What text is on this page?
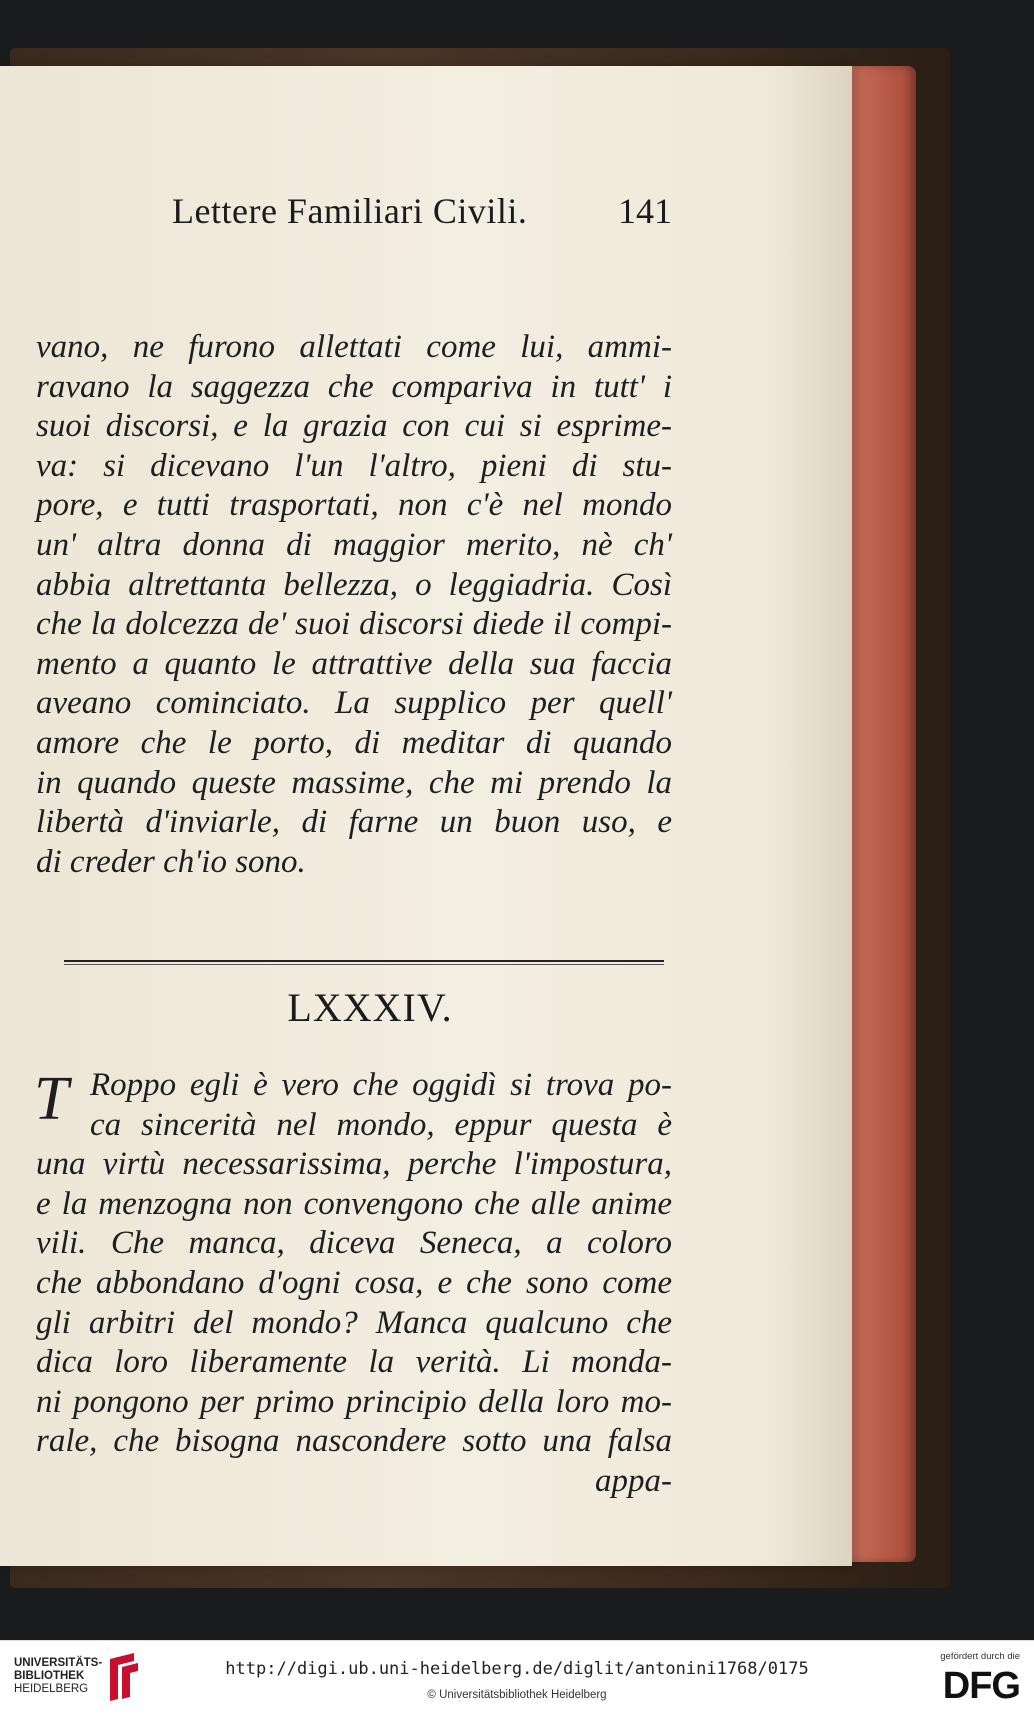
Lettere Familiari Civili.	141
vano, ne furono allettati come lui, ammi-
ravano la saggezza che compariva in tutt' i
suoi discorsi, e la grazia con cui si esprime-
va: si dicevano l'un l'altro, pieni di stu-
pore, e tutti trasportati, non c'è nel mondo
un' altra donna di maggior merito, nè ch'
abbia altrettanta bellezza, o leggiadria. Così
che la dolcezza de' suoi discorsi diede il compi-
mento a quanto le attrattive della sua faccia
aveano cominciato. La supplico per quell'
amore che le porto, di meditar di quando
in quando queste massime, che mi prendo la
libertà d'inviarle, di farne un buon uso, e
di creder ch'io sono.
LXXXIV.
T Roppo egli è vero che oggidì si trova po-
ca sincerità nel mondo, eppur questa è
una virtù necessarissima, perche l'impostura,
e la menzogna non convengono che alle anime
vili. Che manca, diceva Seneca, a coloro
che abbondano d'ogni cosa, e che sono come
gli arbitri del mondo? Manca qualcuno che
dica loro liberamente la verità. Li monda-
ni pongono per primo principio della loro mo-
rale, che bisogna nascondere sotto una falsa
appa-
UNIVERSITÄTS-
BIBLIOTHEK
HEIDELBERG
http://digi.ub.uni-heidelberg.de/diglit/antonini1768/0175
© Universitätsbibliothek Heidelberg
gefördert durch die
DFG
